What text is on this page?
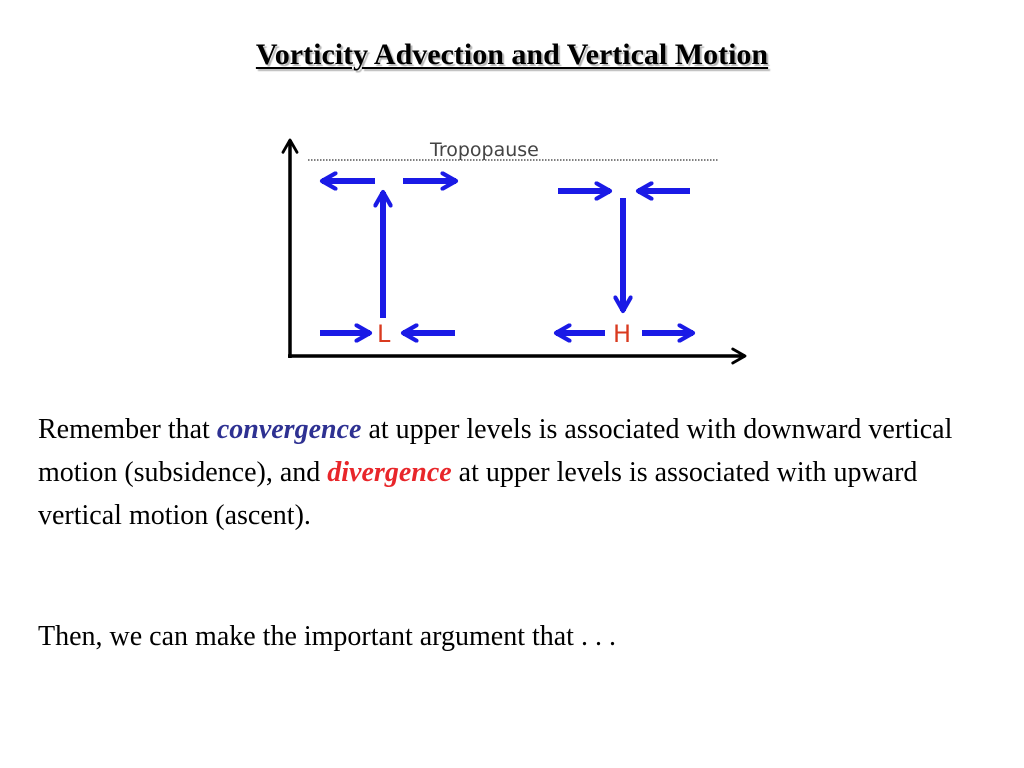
Vorticity Advection and Vertical Motion
Tropopause
L	H

Remember that convergence at upper levels is associated with downward vertical motion (subsidence), and divergence at upper levels is associated with upward vertical motion (ascent).

Then, we can make the important argument that . . .
